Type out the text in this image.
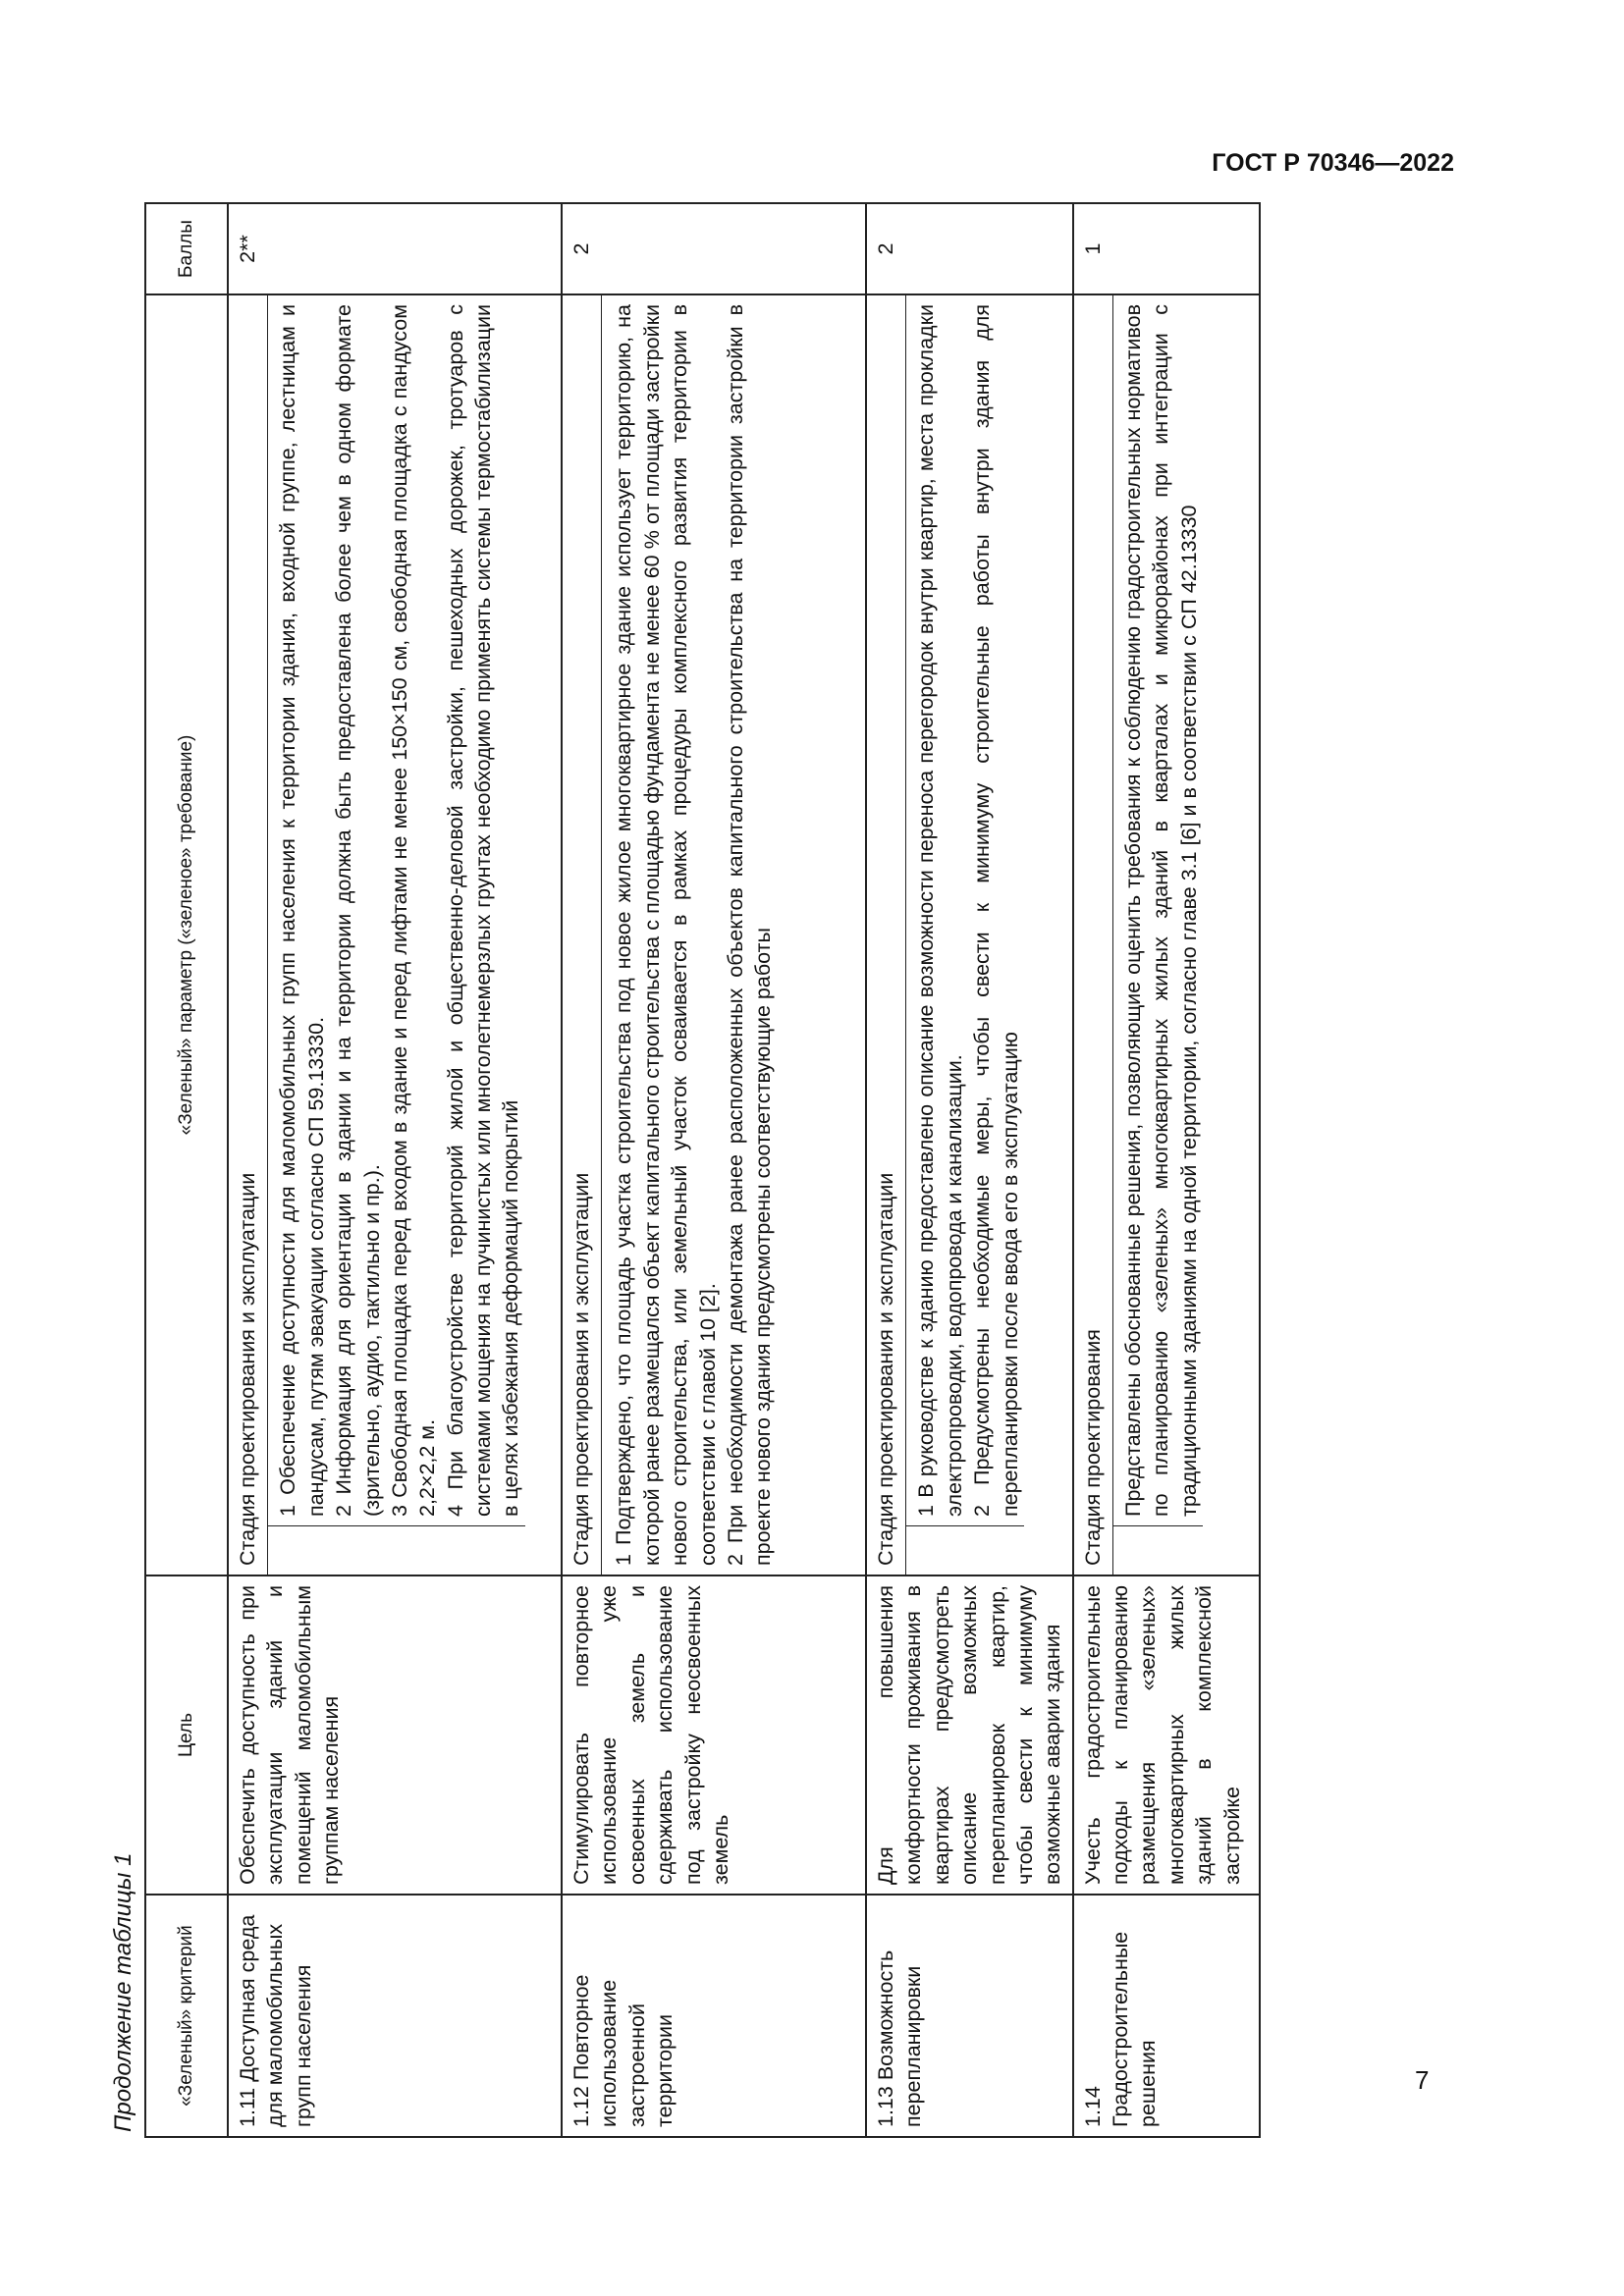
ГОСТ Р 70346—2022
Продолжение таблицы 1	«Зеленый» критерий	Цель	«Зеленый» параметр («зеленое» требование)	Баллы
1.11 Доступная среда для маломобильных групп населения	Обеспечить доступность при эксплуатации зданий и помещений маломобильным группам населения	Стадия проектирования и эксплуатации 1 Обеспечение доступности для маломобильных групп населения к территории здания, входной группе, лестницам и пандусам, путям эвакуации согласно СП 59.13330. 2 Информация для ориентации в здании и на территории должна быть предоставлена более чем в одном формате (зрительно, аудио, тактильно и пр.). 3 Свободная площадка перед входом в здание и перед лифтами не менее 150×150 см, свободная площадка с пандусом 2,2×2,2 м. 4 При благоустройстве территорий жилой и общественно-деловой застройки, пешеходных дорожек, тротуаров с системами мощения на пучинистых или многолетнемерзлых грунтах необходимо применять системы термостабилизации в целях избежания деформаций покрытий	2**
1.12 Повторное использование застроенной территории	Стимулировать повторное использование уже освоенных земель и сдерживать использование под застройку неосвоенных земель	Стадия проектирования и эксплуатации 1 Подтверждено, что площадь участка строительства под новое жилое многоквартирное здание использует территорию, на которой ранее размещался объект капитального строительства с площадью фундамента не менее 60 % от площади застройки нового строительства, или земельный участок осваивается в рамках процедуры комплексного развития территории в соответствии с главой 10 [2]. 2 При необходимости демонтажа ранее расположенных объектов капитального строительства на территории застройки в проекте нового здания предусмотрены соответствующие работы	2
1.13 Возможность перепланировки	Для повышения комфортности проживания в квартирах предусмотреть описание возможных перепланировок квартир, чтобы свести к минимуму возможные аварии здания	Стадия проектирования и эксплуатации 1 В руководстве к зданию предоставлено описание возможности переноса перегородок внутри квартир, места прокладки электропроводки, водопровода и канализации. 2 Предусмотрены необходимые меры, чтобы свести к минимуму строительные работы внутри здания для перепланировки после ввода его в эксплуатацию	2
1.14 Градостроительные решения	Учесть градостроительные подходы к планированию размещения «зеленых» многоквартирных жилых зданий в комплексной застройке	Стадия проектирования Представлены обоснованные решения, позволяющие оценить требования к соблюдению градостроительных нормативов по планированию «зеленых» многоквартирных жилых зданий в кварталах и микрорайонах при интеграции с традиционными зданиями на одной территории, согласно главе 3.1 [6] и в соответствии с СП 42.13330	1
7
